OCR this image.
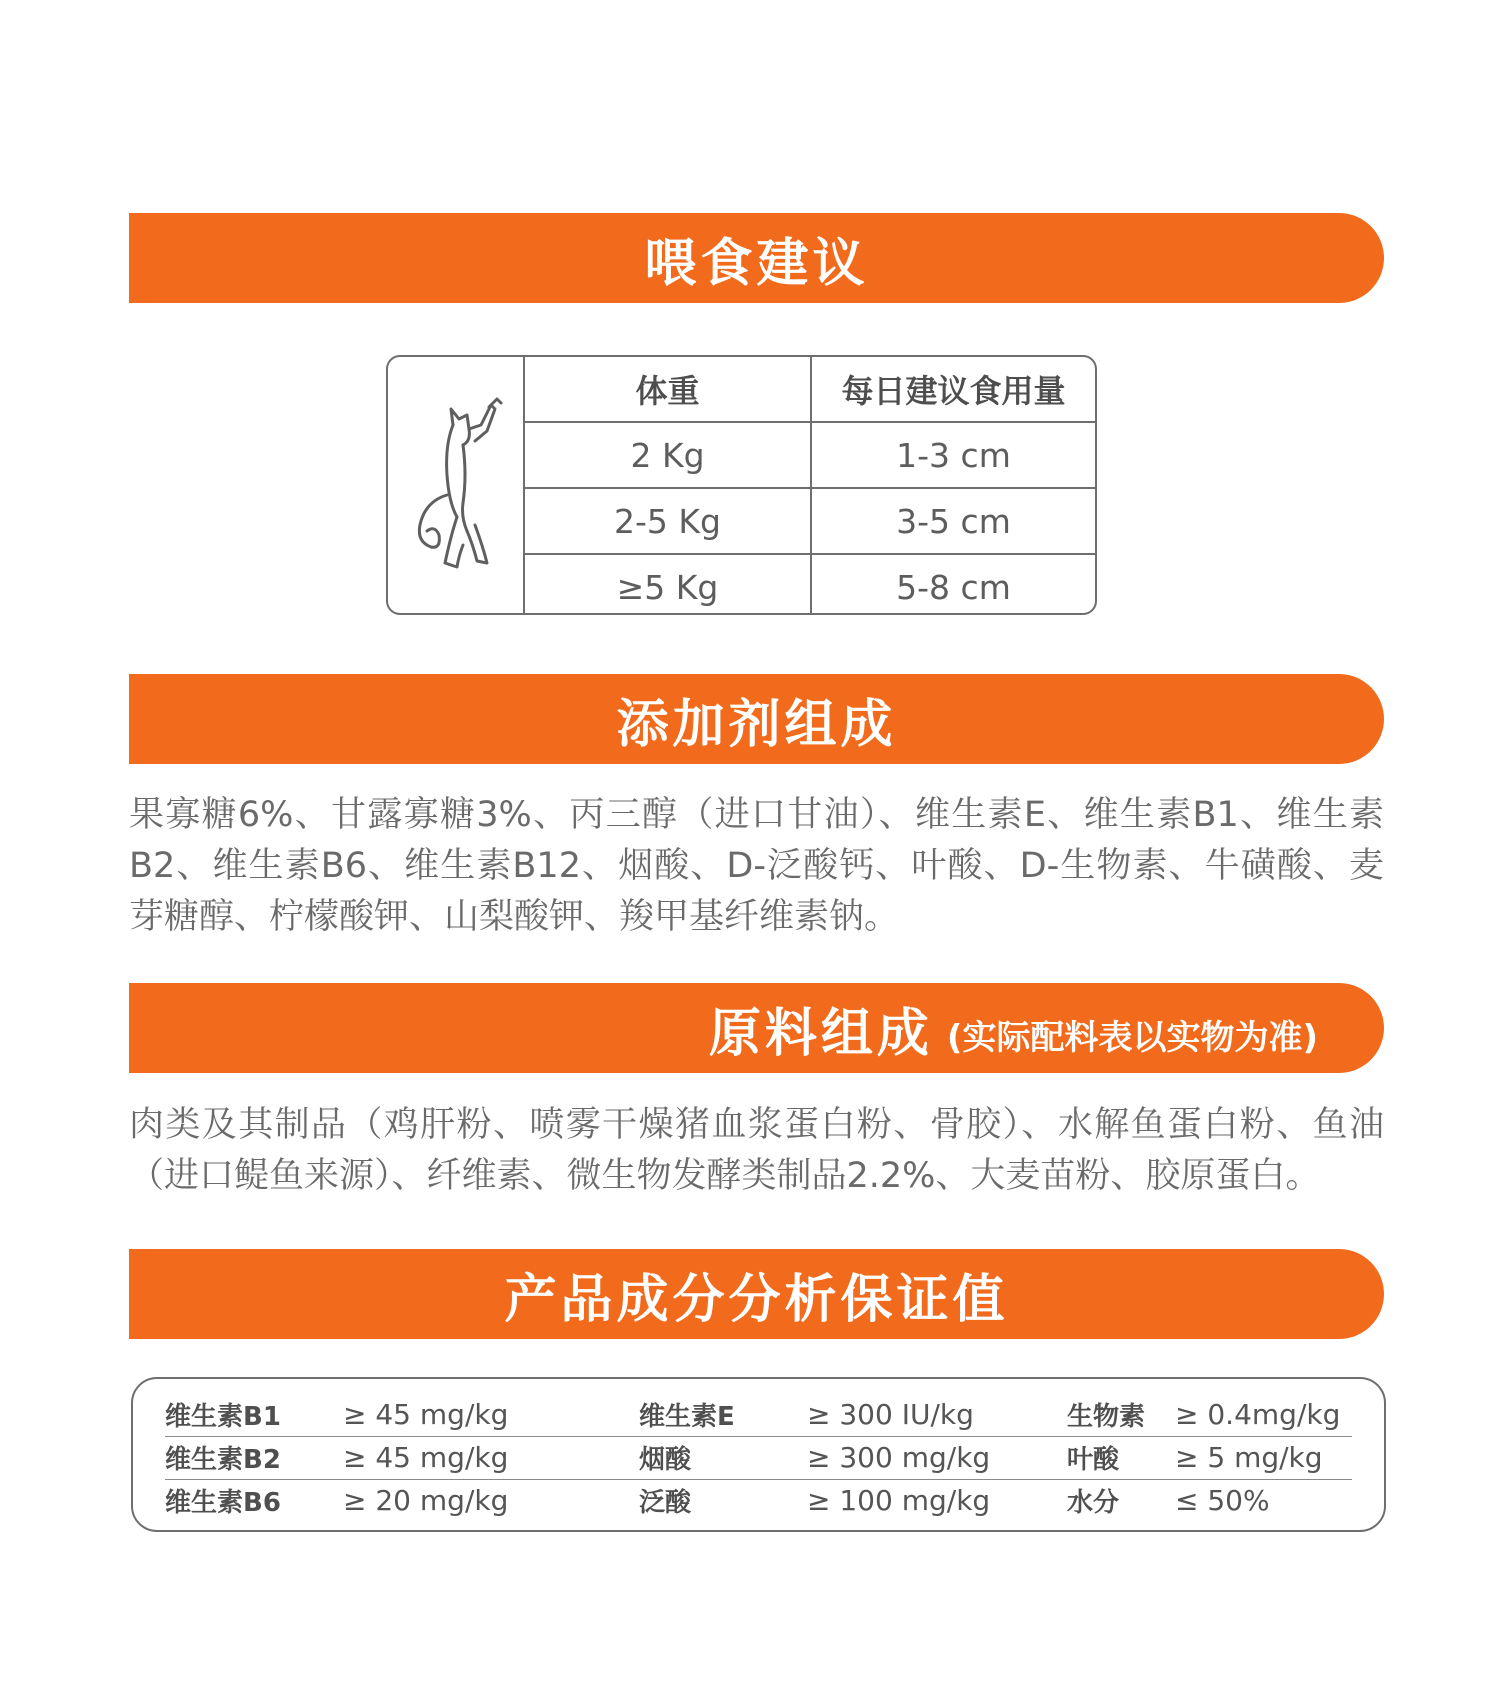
喂食建议
体重	每日建议食用量
2 Kg	1-3 cm
2-5 Kg	3-5 cm
≥5 Kg	5-8 cm
添加剂组成

果寡糖6%、甘露寡糖3%、丙三醇（进口甘油）、维生素E、维生素B1、维生素B2、维生素B6、维生素B12、烟酸、D-泛酸钙、叶酸、D-生物素、牛磺酸、麦芽糖醇、柠檬酸钾、山梨酸钾、羧甲基纤维素钠。

原料组成 (实际配料表以实物为准)

肉类及其制品（鸡肝粉、喷雾干燥猪血浆蛋白粉、骨胶）、水解鱼蛋白粉、鱼油（进口鳀鱼来源）、纤维素、微生物发酵类制品2.2%、大麦苗粉、胶原蛋白。

产品成分分析保证值
维生素B1 ≥ 45 mg/kg	维生素E	≥ 300 IU/kg	生物素 ≥ 0.4mg/kg
维生素B2 ≥ 45 mg/kg	烟酸	≥ 300 mg/kg	叶酸 ≥ 5 mg/kg
维生素B6 ≥ 20 mg/kg	泛酸	≥ 100 mg/kg	水分 ≤ 50%
